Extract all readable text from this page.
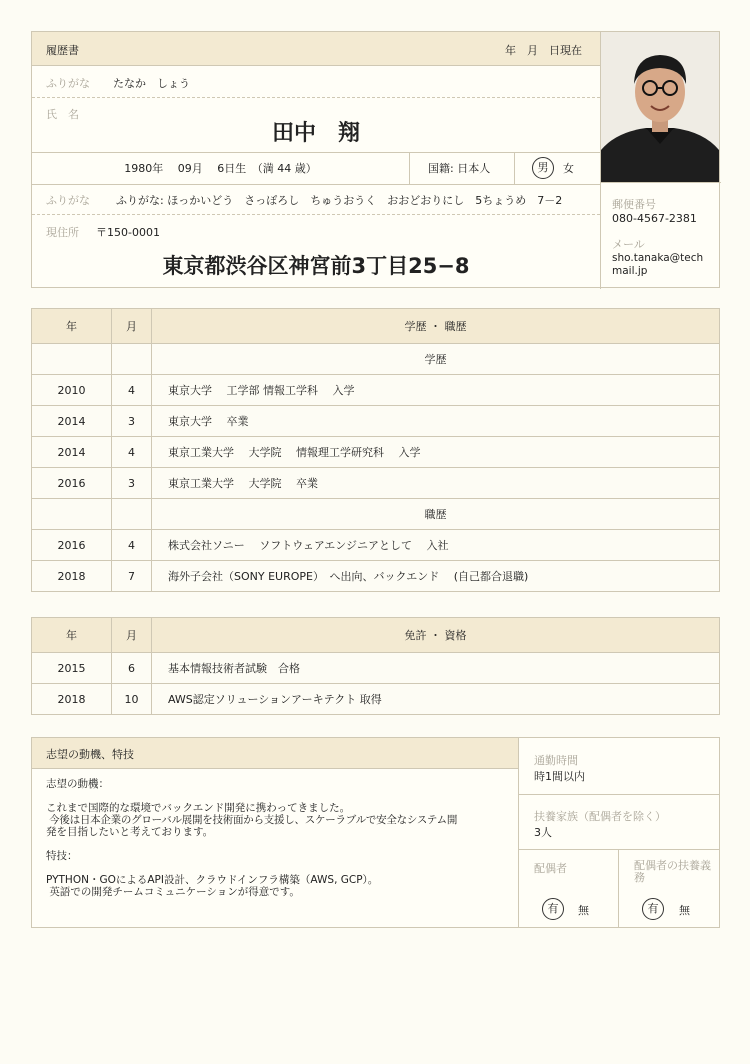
履歴書	年　月　日現在
ふりがな たなか　しょう
氏　名
田中　翔
1980年　 09月　 6日生　（満 44 歳）	国籍: 日本人	男	女
ふりがな ふりがな: ほっかいどう　さっぽろし　ちゅうおうく　おおどおりにし　5ちょうめ　7－2
現住所 〒150-0001
東京都渋谷区神宮前3丁目25−8
郵便番号
080-4567-2381
メール
sho.tanaka@tech mail.jp
年	月	学歴 ・ 職歴
		学歴
2010	4	東京大学　 工学部 情報工学科　 入学
2014	3	東京大学　 卒業
2014	4	東京工業大学　 大学院　 情報理工学研究科　 入学
2016	3	東京工業大学　 大学院　 卒業
		職歴
2016	4	株式会社ソニー　 ソフトウェアエンジニアとして　 入社
2018	7	海外子会社（SONY EUROPE）　へ出向、バックエンド　 (自己都合退職)
年	月	免許 ・ 資格
2015	6	基本情報技術者試験　合格
2018	10	AWS認定ソリューションアーキテクト 取得
志望の動機、特技
志望の動機：
これまで国際的な環境でバックエンド開発に携わってきました。
今後は日本企業のグローバル展開を技術面から支援し、スケーラブルで安全なシステム開
発を目指したいと考えております。
特技：
PYTHON・GOによるAPI設計、クラウドインフラ構築（AWS, GCP）。
英語での開発チームコミュニケーションが得意です。
通勤時間
時1間以内
扶養家族（配偶者を除く）
3人
配偶者
有	無
配偶者の扶養義務
有	無
